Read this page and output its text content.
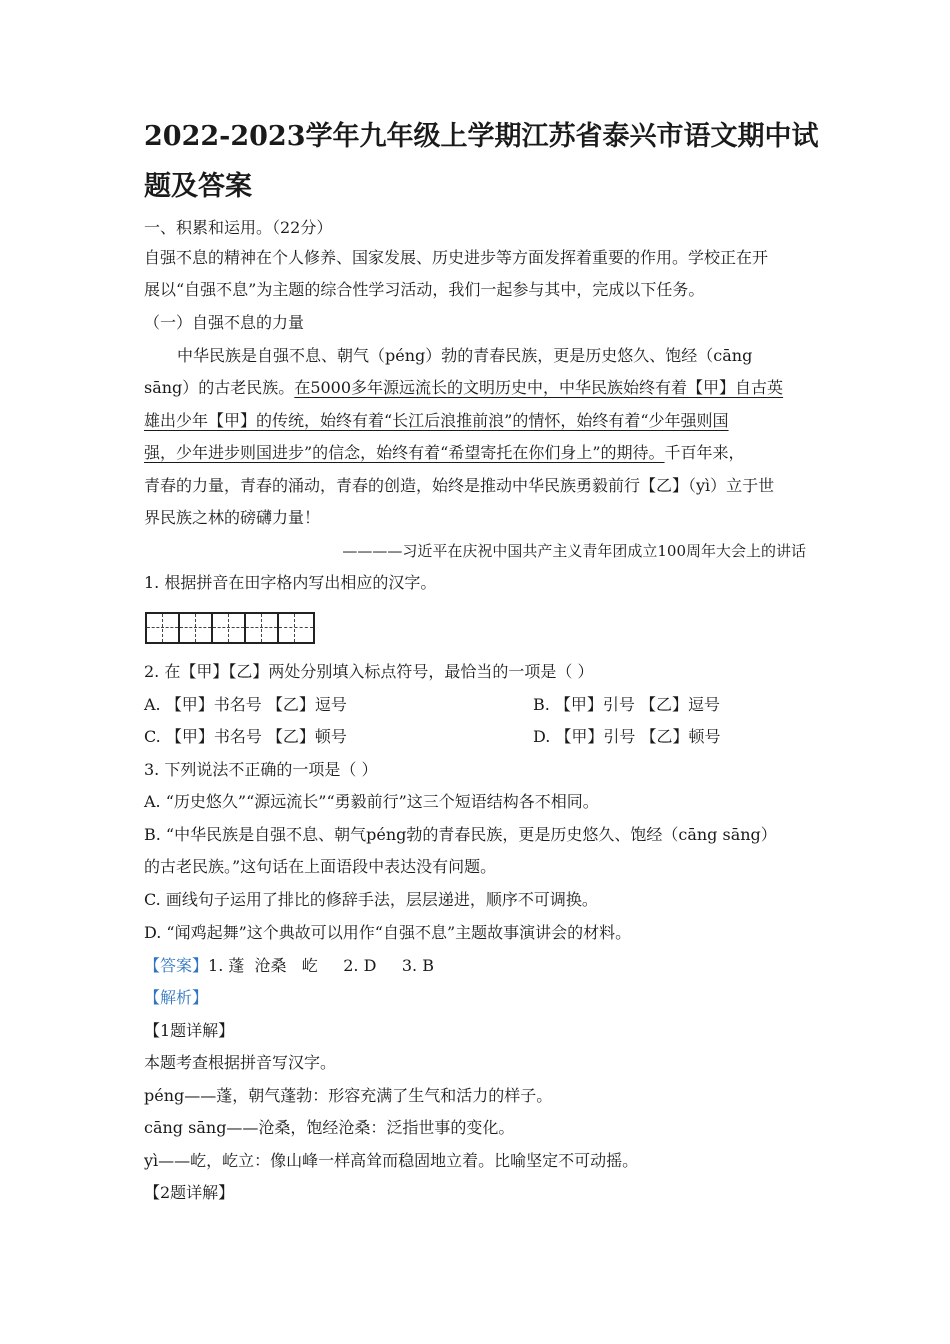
2022-2023学年九年级上学期江苏省泰兴市语文期中试题及答案
一、积累和运用。（22分）
自强不息的精神在个人修养、国家发展、历史进步等方面发挥着重要的作用。学校正在开
展以“自强不息”为主题的综合性学习活动，我们一起参与其中，完成以下任务。
（一）自强不息的力量
中华民族是自强不息、朝气（péng）勃的青春民族，更是历史悠久、饱经（cāng
sāng）的古老民族。在5000多年源远流长的文明历史中，中华民族始终有着【甲】自古英
雄出少年【甲】的传统，始终有着“长江后浪推前浪”的情怀，始终有着“少年强则国
强，少年进步则国进步”的信念，始终有着“希望寄托在你们身上”的期待。千百年来，
青春的力量，青春的涌动，青春的创造，始终是推动中华民族勇毅前行【乙】（yì）立于世
界民族之林的磅礴力量！
————习近平在庆祝中国共产主义青年团成立100周年大会上的讲话
1. 根据拼音在田字格内写出相应的汉字。
2. 在【甲】【乙】两处分别填入标点符号，最恰当的一项是（ ）
A. 【甲】书名号 【乙】逗号	B. 【甲】引号 【乙】逗号
C. 【甲】书名号 【乙】顿号	D. 【甲】引号 【乙】顿号
3. 下列说法不正确的一项是（ ）
A. “历史悠久”“源远流长”“勇毅前行”这三个短语结构各不相同。
B. “中华民族是自强不息、朝气péng勃的青春民族，更是历史悠久、饱经（cāng sāng）
的古老民族。”这句话在上面语段中表达没有问题。
C. 画线句子运用了排比的修辞手法，层层递进，顺序不可调换。
D. “闻鸡起舞”这个典故可以用作“自强不息”主题故事演讲会的材料。
【答案】1. 蓬  沧桑   屹     2. D     3. B
【解析】
【1题详解】
本题考查根据拼音写汉字。
péng——蓬，朝气蓬勃：形容充满了生气和活力的样子。
cāng sāng——沧桑，饱经沧桑：泛指世事的变化。
yì——屹，屹立：像山峰一样高耸而稳固地立着。比喻坚定不可动摇。
【2题详解】
